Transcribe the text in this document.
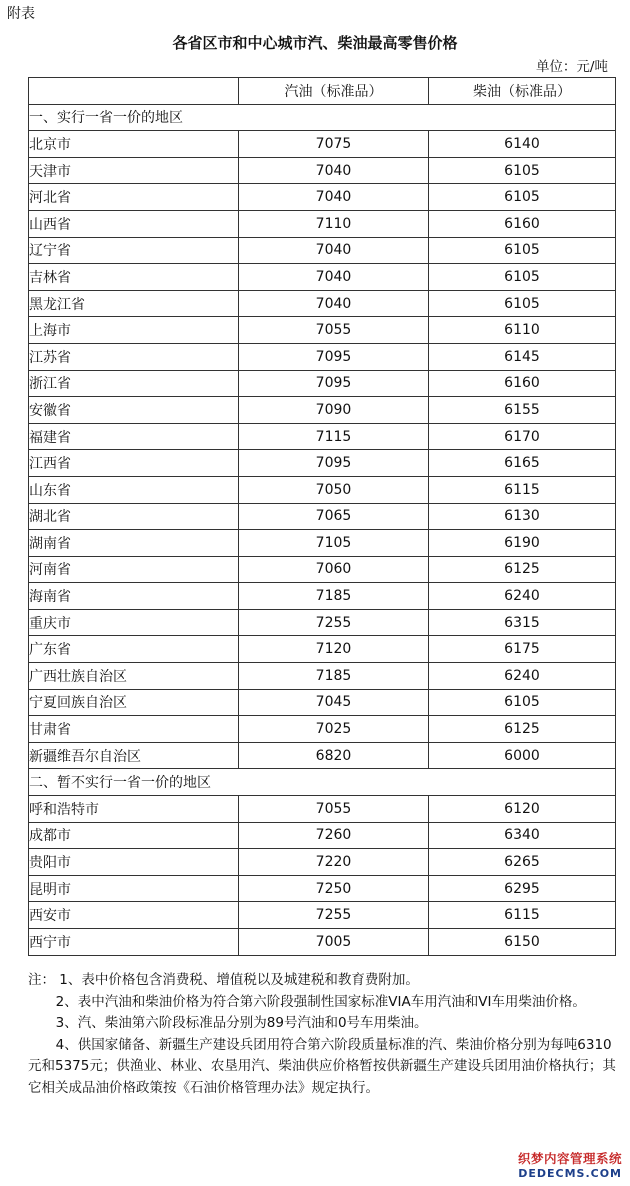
附表
各省区市和中心城市汽、柴油最高零售价格
单位：元/吨
	汽油（标准品）	柴油（标准品）
一、实行一省一价的地区		
北京市	7075	6140
天津市	7040	6105
河北省	7040	6105
山西省	7110	6160
辽宁省	7040	6105
吉林省	7040	6105
黑龙江省	7040	6105
上海市	7055	6110
江苏省	7095	6145
浙江省	7095	6160
安徽省	7090	6155
福建省	7115	6170
江西省	7095	6165
山东省	7050	6115
湖北省	7065	6130
湖南省	7105	6190
河南省	7060	6125
海南省	7185	6240
重庆市	7255	6315
广东省	7120	6175
广西壮族自治区	7185	6240
宁夏回族自治区	7045	6105
甘肃省	7025	6125
新疆维吾尔自治区	6820	6000
二、暂不实行一省一价的地区		
呼和浩特市	7055	6120
成都市	7260	6340
贵阳市	7220	6265
昆明市	7250	6295
西安市	7255	6115
西宁市	7005	6150

注： 1、表中价格包含消费税、增值税以及城建税和教育费附加。

2、表中汽油和柴油价格为符合第六阶段强制性国家标准VIA车用汽油和VI车用柴油价格。

3、汽、柴油第六阶段标准品分别为89号汽油和0号车用柴油。

4、供国家储备、新疆生产建设兵团用符合第六阶段质量标准的汽、柴油价格分别为每吨6310元和5375元；供渔业、林业、农垦用汽、柴油供应价格暂按供新疆生产建设兵团用油价格执行；其它相关成品油价格政策按《石油价格管理办法》规定执行。

织梦内容管理系统
DEDECMS.COM
